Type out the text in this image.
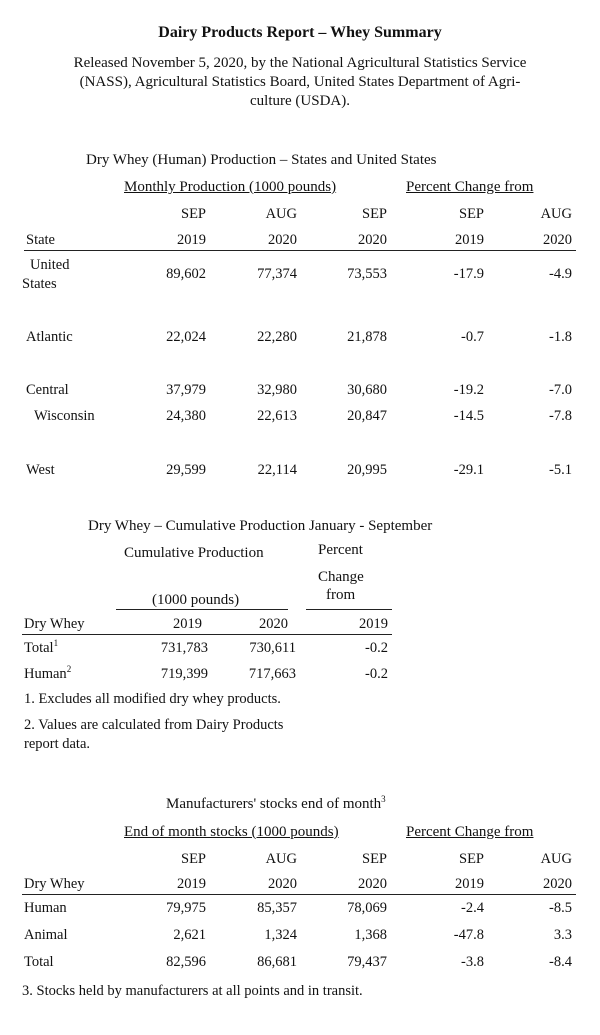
Dairy Products Report – Whey Summary
Released November 5, 2020, by the National Agricultural Statistics Service
(NASS), Agricultural Statistics Board, United States Department of Agri-
culture (USDA).
Dry Whey (Human) Production – States and United States
Monthly Production (1000 pounds)	Percent Change from
SEP	AUG	SEP	SEP	AUG
State	2019	2020	2020	2019	2020
United
States
89,602	77,374	73,553	-17.9	-4.9
Atlantic	22,024	22,280	21,878	-0.7	-1.8
Central	37,979	32,980	30,680	-19.2	-7.0
Wisconsin	24,380	22,613	20,847	-14.5	-7.8
West	29,599	22,114	20,995	-29.1	-5.1
Dry Whey – Cumulative Production January - September
Cumulative Production	Percent
Change
from
(1000 pounds)
Dry Whey	2019	2020	2019
Total$^1$	731,783	730,611	-0.2
Human$^2$	719,399	717,663	-0.2
1. Excludes all modified dry whey products.
2. Values are calculated from Dairy Products
report data.
Manufacturers' stocks end of month$^3$
End of month stocks (1000 pounds)	Percent Change from
SEP	AUG	SEP	SEP	AUG
Dry Whey	2019	2020	2020	2019	2020
Human	79,975	85,357	78,069	-2.4	-8.5
Animal	2,621	1,324	1,368	-47.8	3.3
Total	82,596	86,681	79,437	-3.8	-8.4
3. Stocks held by manufacturers at all points and in transit.
